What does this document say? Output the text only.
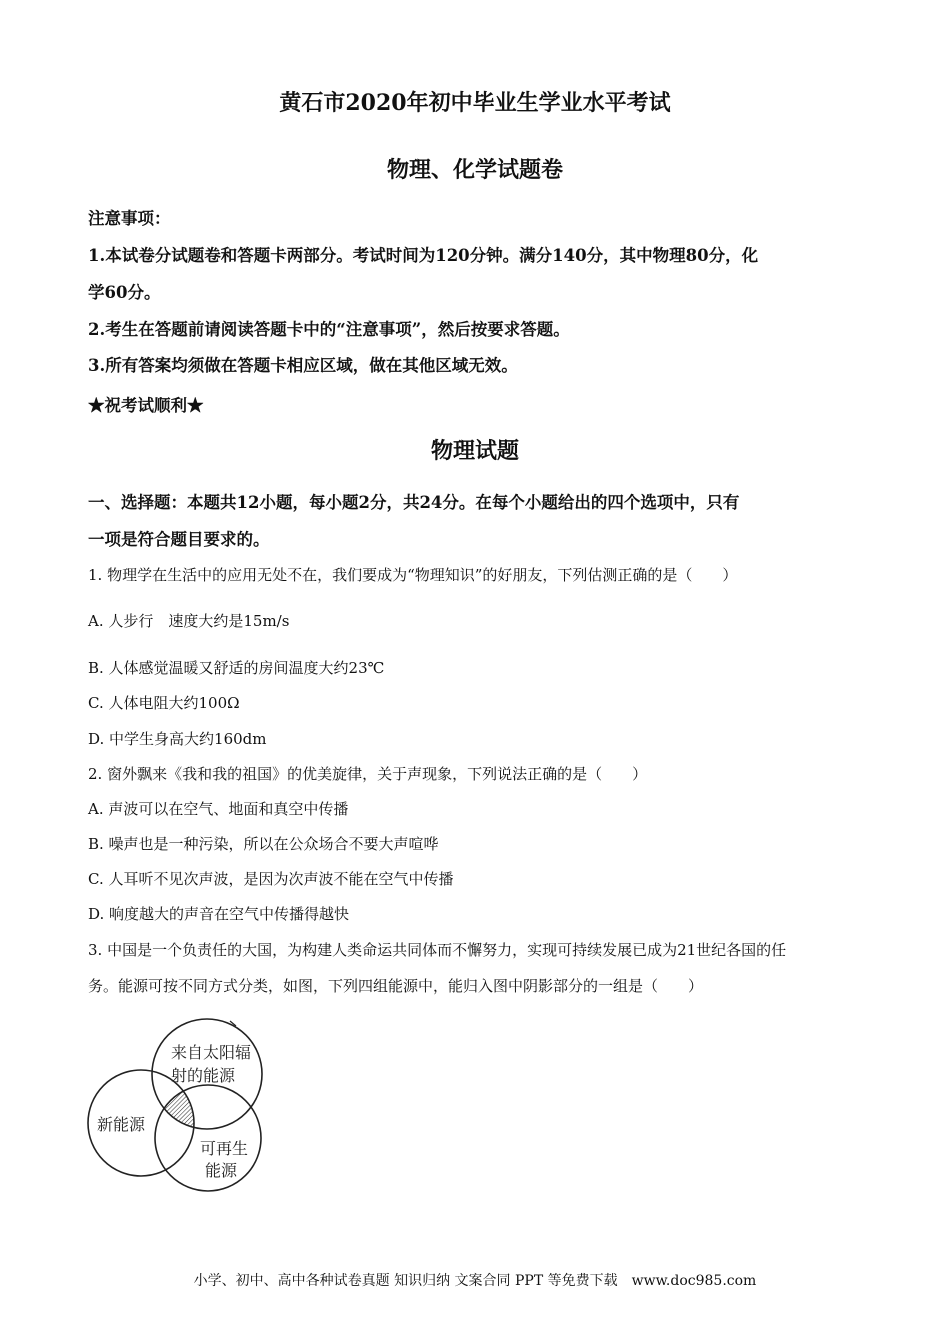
黄石市2020年初中毕业生学业水平考试

物理、化学试题卷

注意事项：

1.本试卷分试题卷和答题卡两部分。考试时间为120分钟。满分140分，其中物理80分，化

学60分。

2.考生在答题前请阅读答题卡中的“注意事项”，然后按要求答题。

3.所有答案均须做在答题卡相应区域，做在其他区域无效。

★祝考试顺利★

物理试题

一、选择题：本题共12小题，每小题2分，共24分。在每个小题给出的四个选项中，只有

一项是符合题目要求的。

1. 物理学在生活中的应用无处不在，我们要成为“物理知识”的好朋友，下列估测正确的是（　　）

A. 人步行　速度大约是15m/s

B. 人体感觉温暖又舒适的房间温度大约23℃

C. 人体电阻大约100Ω

D. 中学生身高大约160dm

2. 窗外飘来《我和我的祖国》的优美旋律，关于声现象，下列说法正确的是（　　）

A. 声波可以在空气、地面和真空中传播

B. 噪声也是一种污染，所以在公众场合不要大声喧哗

C. 人耳听不见次声波，是因为次声波不能在空气中传播

D. 响度越大的声音在空气中传播得越快

3. 中国是一个负责任的大国，为构建人类命运共同体而不懈努力，实现可持续发展已成为21世纪各国的任

务。能源可按不同方式分类，如图，下列四组能源中，能归入图中阴影部分的一组是（　　）

来自太阳辐
射的能源
新能源
可再生
能源

小学、初中、高中各种试卷真题 知识归纳 文案合同 PPT 等免费下载　www.doc985.com
